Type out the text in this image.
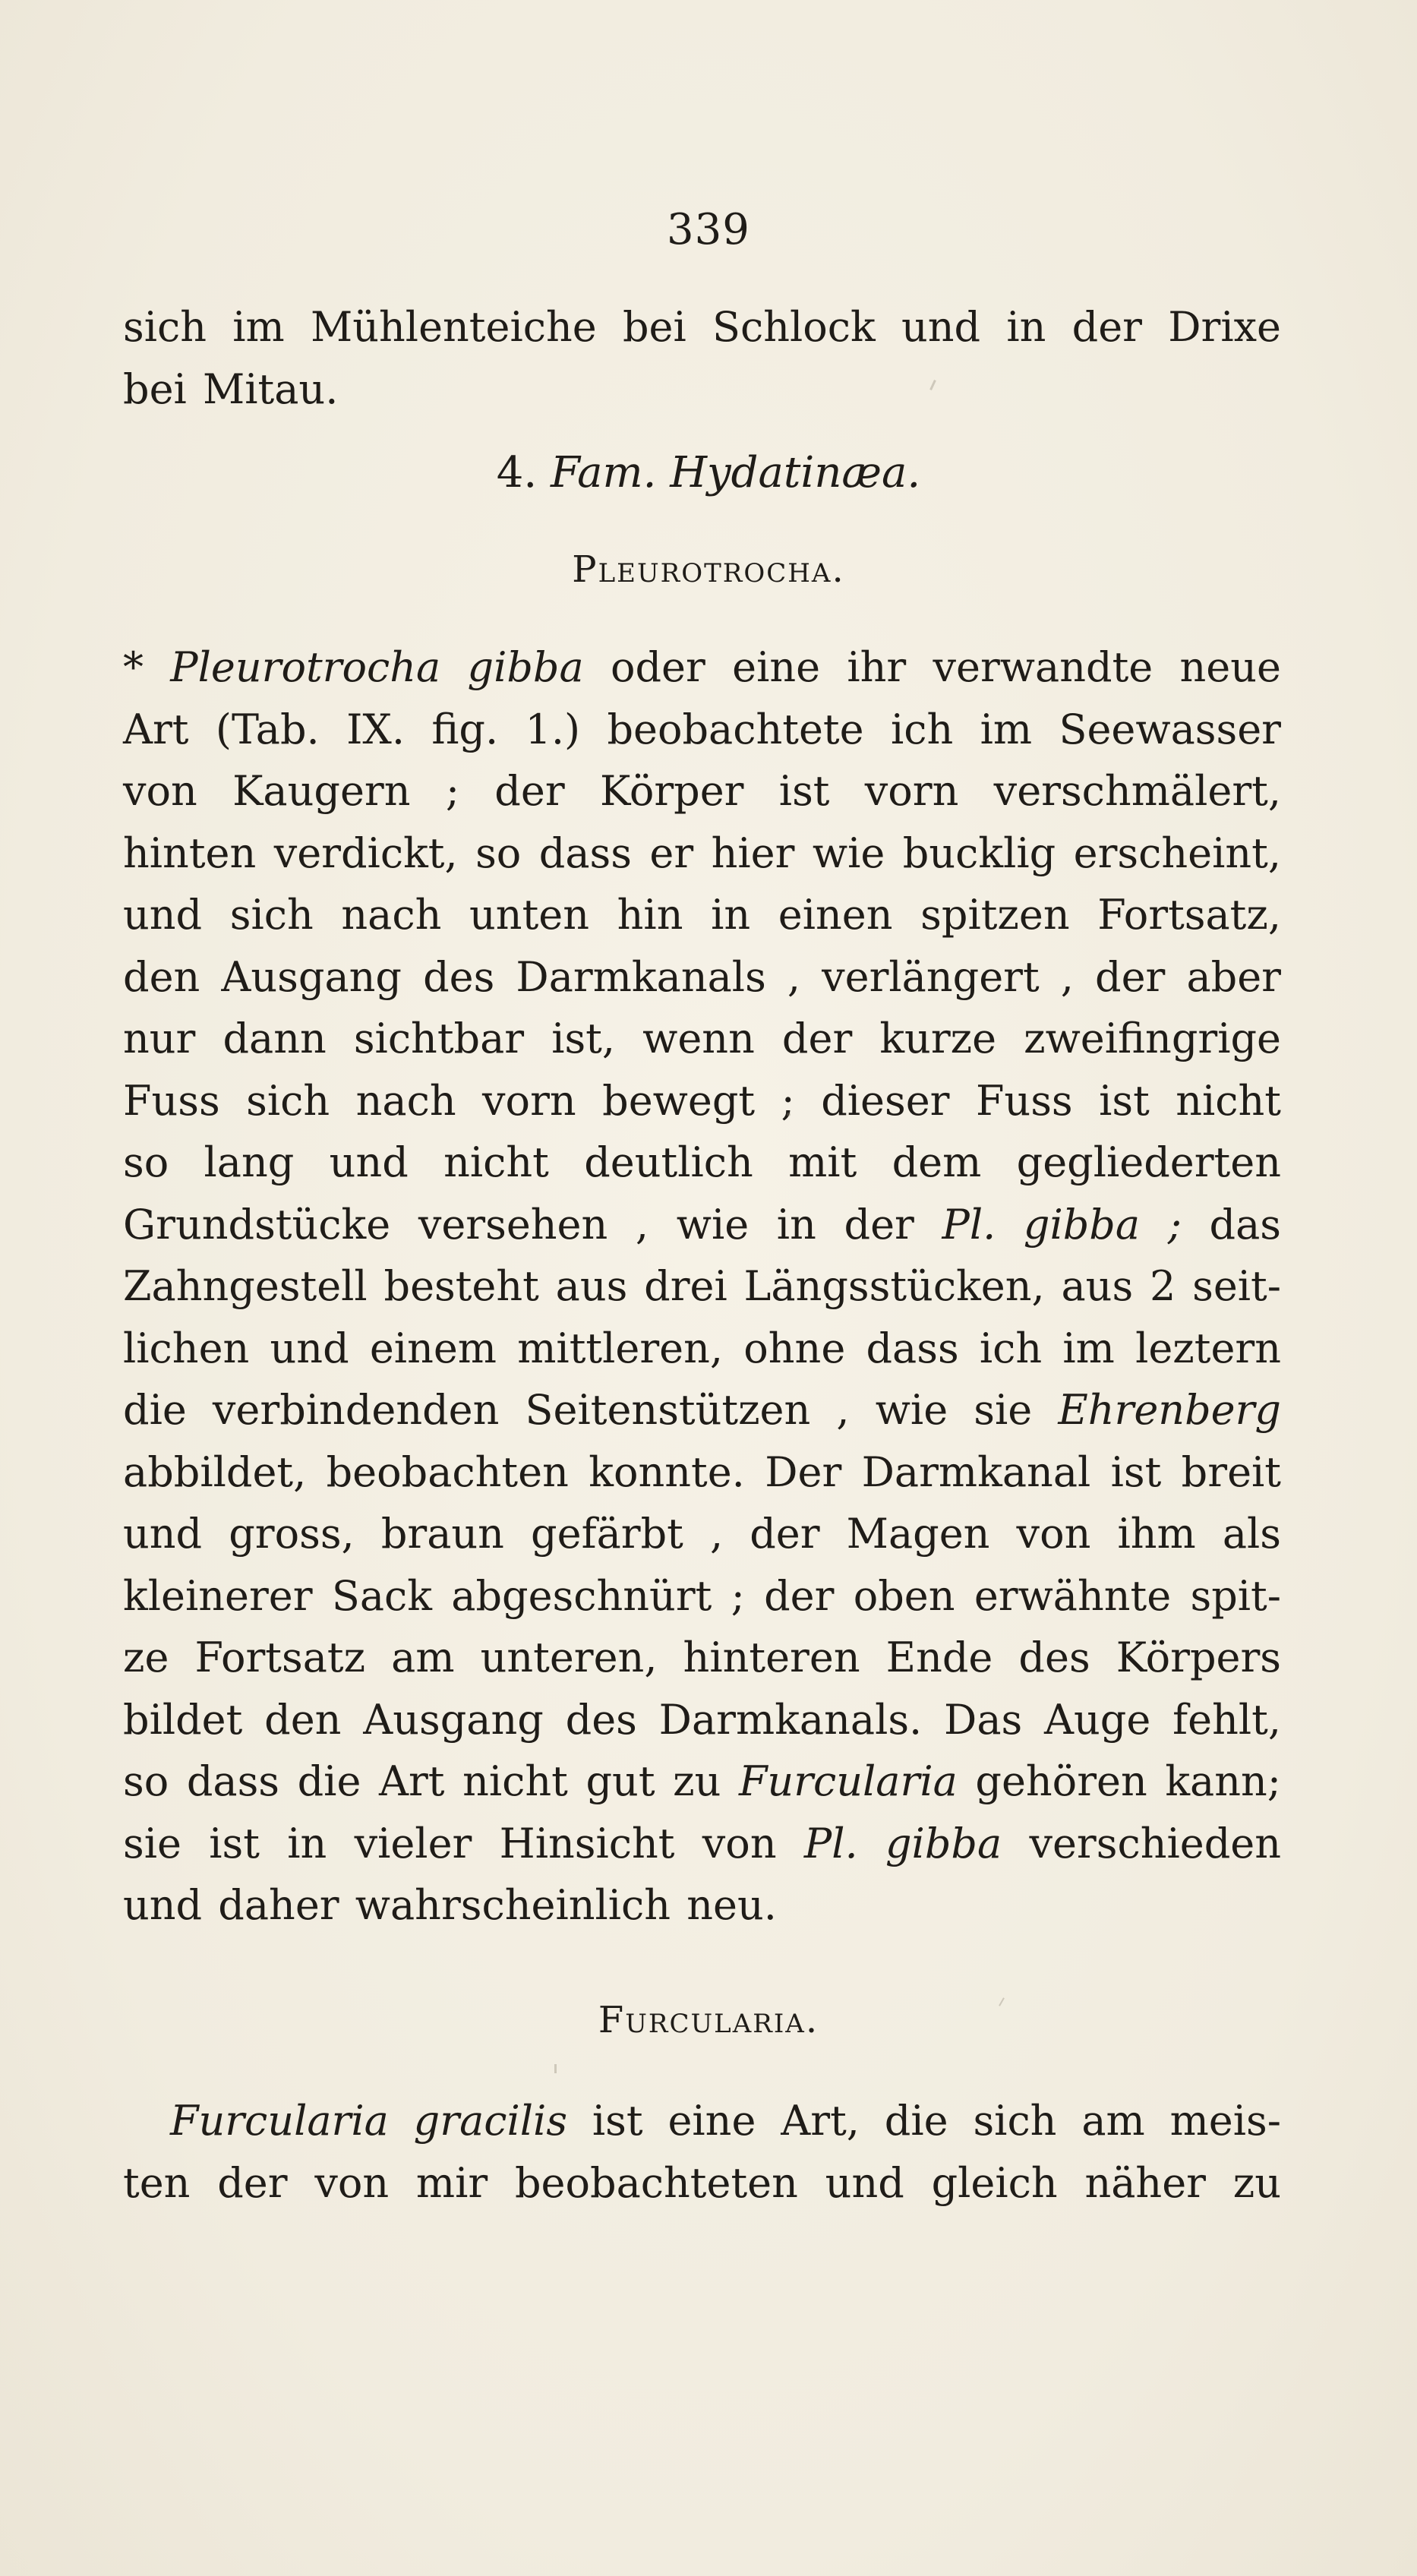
339
sich im Mühlenteiche bei Schlock und in der Drixe
bei Mitau.
4. Fam. Hydatinæa.
Pleurotrocha.
* Pleurotrocha gibba oder eine ihr verwandte neue
Art (Tab. IX. fig. 1.) beobachtete ich im Seewasser
von Kaugern ; der Körper ist vorn verschmälert,
hinten verdickt, so dass er hier wie bucklig erscheint,
und sich nach unten hin in einen spitzen Fortsatz,
den Ausgang des Darmkanals , verlängert , der aber
nur dann sichtbar ist, wenn der kurze zweifingrige
Fuss sich nach vorn bewegt ; dieser Fuss ist nicht
so lang und nicht deutlich mit dem gegliederten
Grundstücke versehen , wie in der Pl. gibba ; das
Zahngestell besteht aus drei Längsstücken, aus 2 seit-
lichen und einem mittleren, ohne dass ich im leztern
die verbindenden Seitenstützen , wie sie Ehrenberg
abbildet, beobachten konnte. Der Darmkanal ist breit
und gross, braun gefärbt , der Magen von ihm als
kleinerer Sack abgeschnürt ; der oben erwähnte spit-
ze Fortsatz am unteren, hinteren Ende des Körpers
bildet den Ausgang des Darmkanals. Das Auge fehlt,
so dass die Art nicht gut zu Furcularia gehören kann;
sie ist in vieler Hinsicht von Pl. gibba verschieden
und daher wahrscheinlich neu.
Furcularia.
Furcularia gracilis ist eine Art, die sich am meis-
ten der von mir beobachteten und gleich näher zu
